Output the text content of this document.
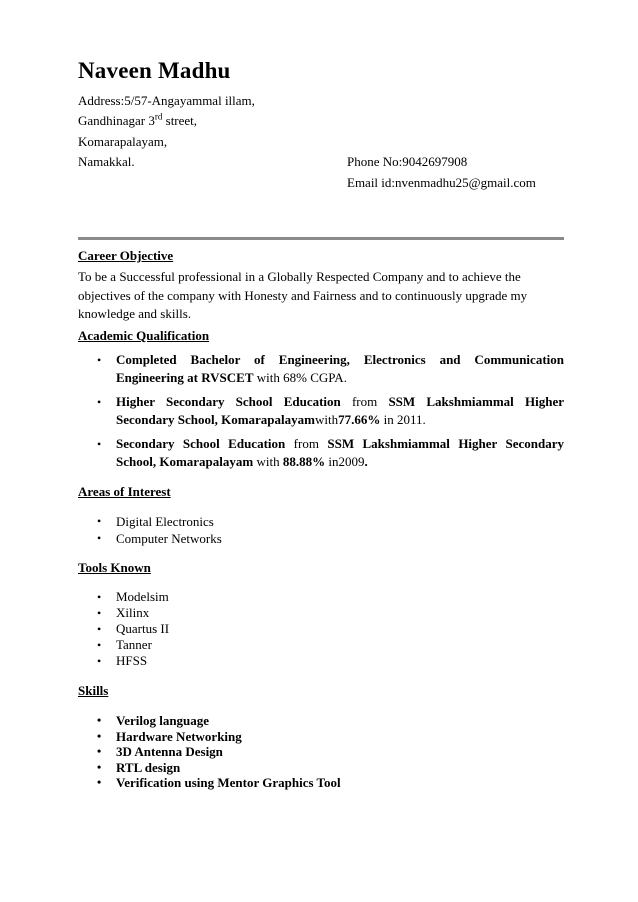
Naveen Madhu
Address:5/57-Angayammal illam,
Gandhinagar 3rd street,
Komarapalayam,
Namakkal.	Phone No:9042697908
Email id:nvenmadhu25@gmail.com
Career Objective
To be a Successful professional in a Globally Respected Company and to achieve the objectives of the company with Honesty and Fairness and to continuously upgrade my knowledge and skills.
Academic Qualification
• Completed Bachelor of Engineering, Electronics and Communication
Engineering at RVSCET with 68% CGPA.
• Higher Secondary School Education from SSM Lakshmiammal Higher
Secondary School, Komarapalayamwith77.66% in 2011.
• Secondary School Education from SSM Lakshmiammal Higher Secondary
School, Komarapalayam with 88.88% in2009.
Areas of Interest
• Digital Electronics
• Computer Networks
Tools Known
• Modelsim
• Xilinx
• Quartus II
• Tanner
• HFSS
Skills
• Verilog language
• Hardware Networking
• 3D Antenna Design
• RTL design
• Verification using Mentor Graphics Tool
